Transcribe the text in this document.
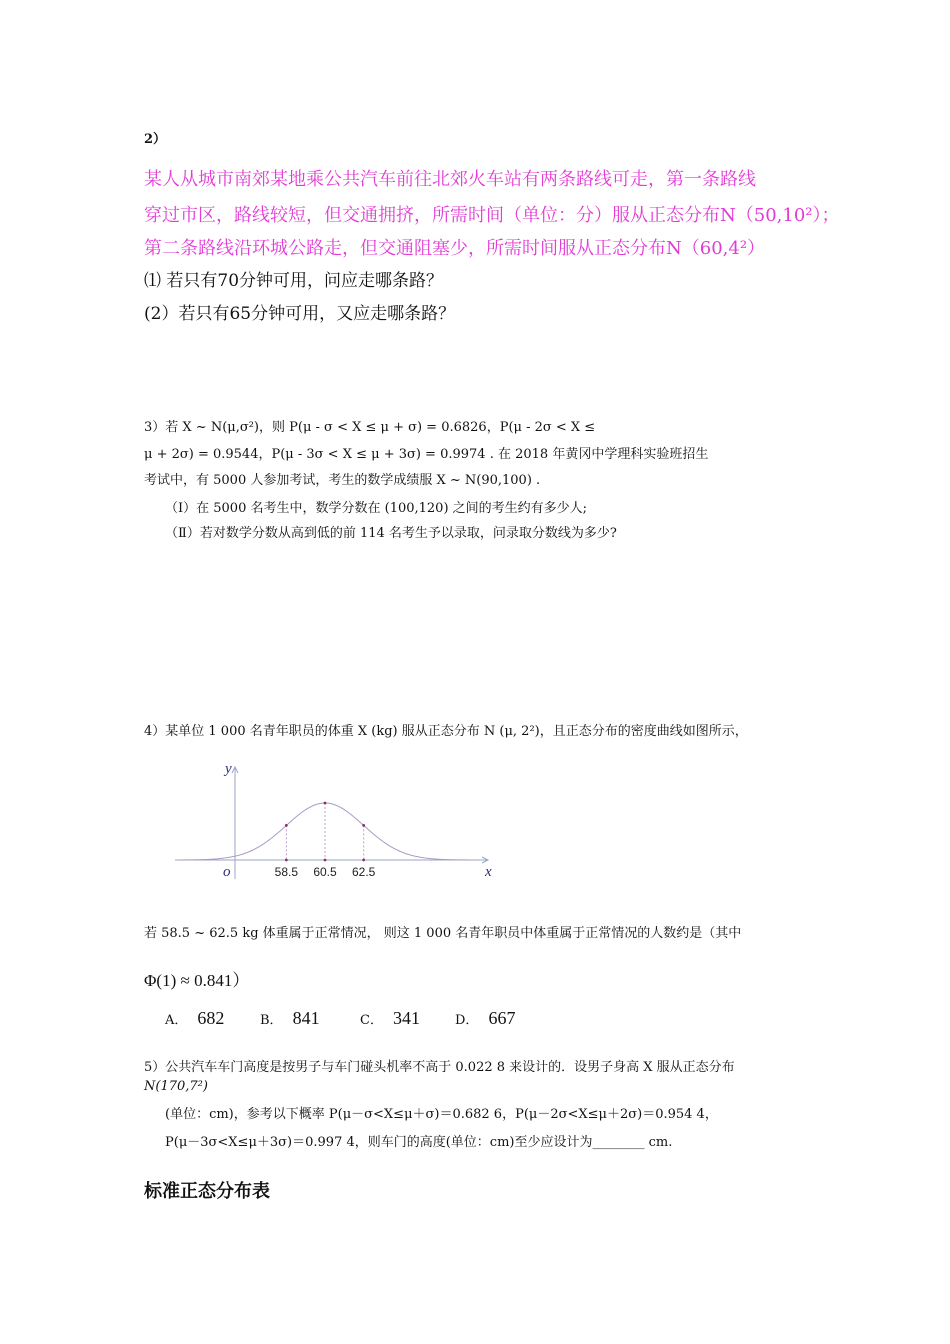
2）
某人从城市南郊某地乘公共汽车前往北郊火车站有两条路线可走，第一条路线
穿过市区，路线较短，但交通拥挤，所需时间（单位：分）服从正态分布N（50,10²）；
第二条路线沿环城公路走，但交通阻塞少，所需时间服从正态分布N（60,4²）
⑴ 若只有70分钟可用，问应走哪条路？
(2）若只有65分钟可用，又应走哪条路？
3）若 X ~ N(μ,σ²)，则 P(μ - σ < X ≤ μ + σ) = 0.6826，P(μ - 2σ < X ≤
μ + 2σ) = 0.9544，P(μ - 3σ < X ≤ μ + 3σ) = 0.9974 . 在 2018 年黄冈中学理科实验班招生
考试中，有 5000 人参加考试，考生的数学成绩服 X ~ N(90,100) .
（Ⅰ）在 5000 名考生中，数学分数在 (100,120) 之间的考生约有多少人;
（Ⅱ）若对数学分数从高到低的前 114 名考生予以录取，问录取分数线为多少?
4）某单位 1 000 名青年职员的体重 X (kg) 服从正态分布 N (μ, 2²)，且正态分布的密度曲线如图所示，
58.5 60.5 62.5	x
y
o
若 58.5 ~ 62.5 kg 体重属于正常情况， 则这 1 000 名青年职员中体重属于正常情况的人数约是（其中
Φ(1) ≈ 0.841）
A． 682	B． 841	C． 341	D． 667
5）公共汽车车门高度是按男子与车门碰头机率不高于 0.022 8 来设计的．设男子身高 X 服从正态分布
N(170,7²)
(单位：cm)，参考以下概率 P(μ－σ<X≤μ＋σ)＝0.682 6，P(μ－2σ<X≤μ＋2σ)＝0.954 4，
P(μ－3σ<X≤μ＋3σ)＝0.997 4，则车门的高度(单位：cm)至少应设计为________ cm.
标准正态分布表
